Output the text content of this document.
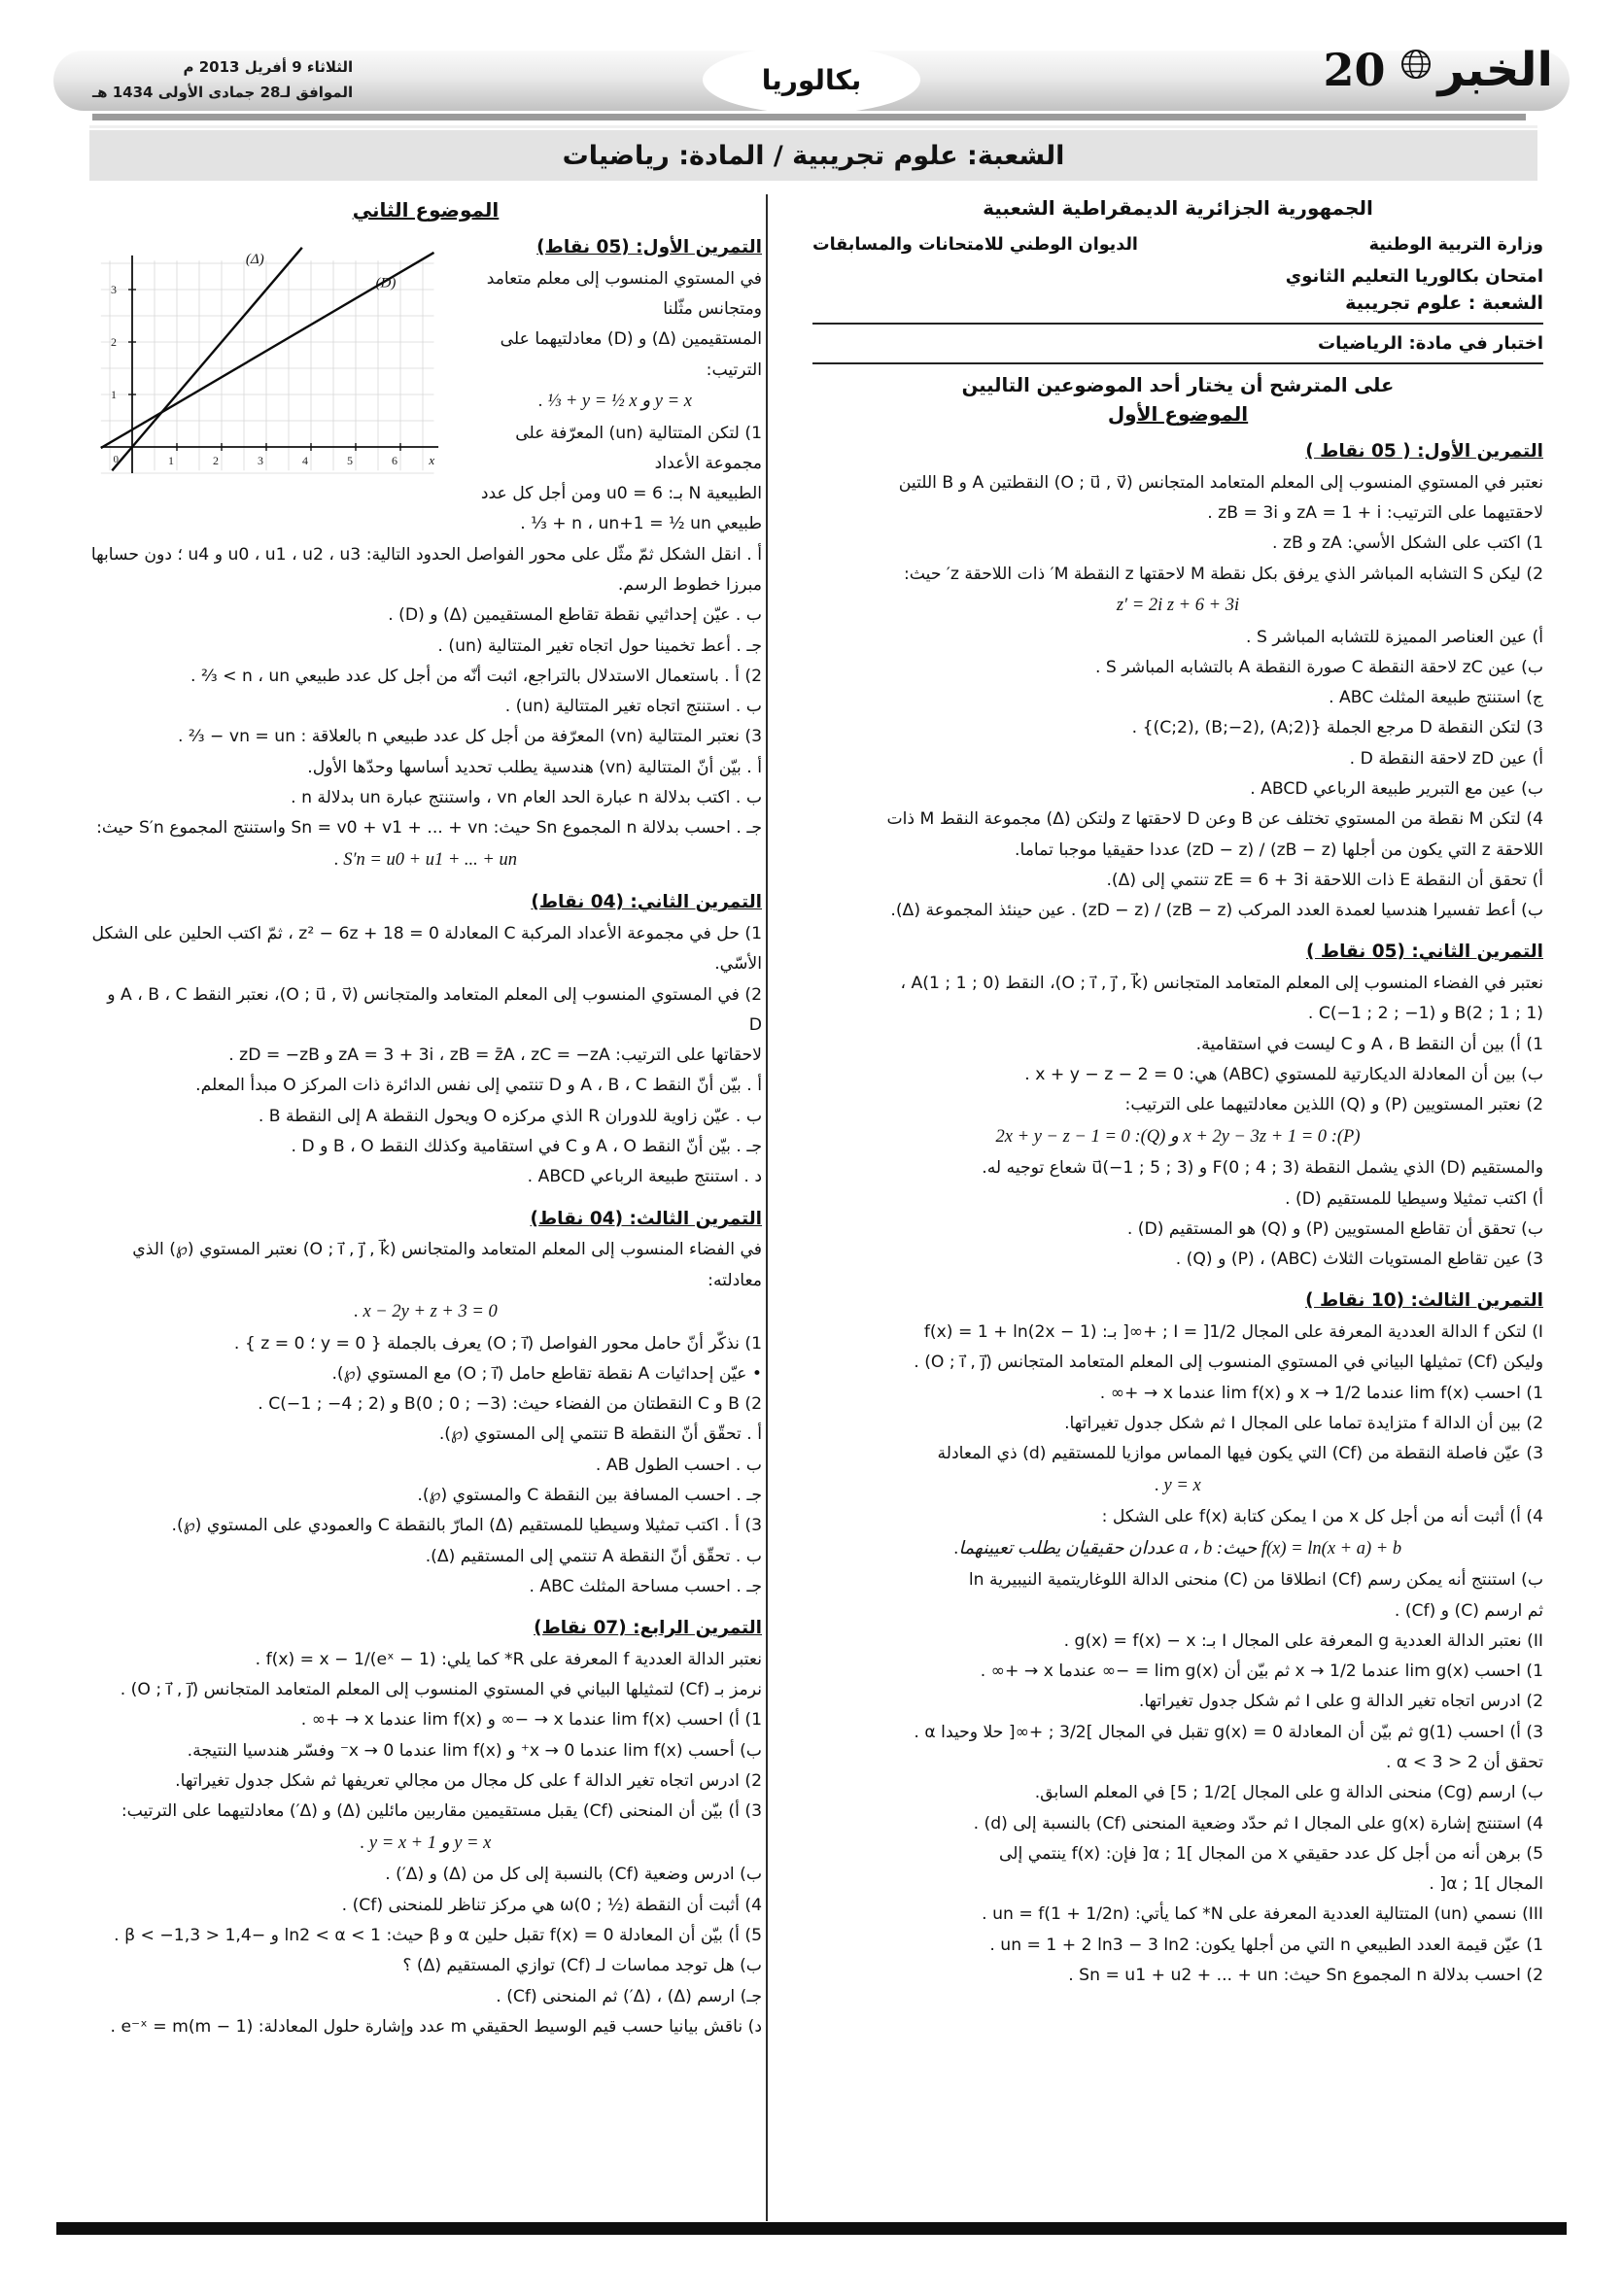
الثلاثاء 9 أفريل 2013 م
الموافق لـ28 جمادى الأولى 1434 هـ	بكالوريا	20 الخبر
الشعبة: علوم تجريبية / المادة: رياضيات
الجمهورية الجزائرية الديمقراطية الشعبية
وزارة التربية الوطنية
الديوان الوطني للامتحانات والمسابقات
امتحان بكالوريا التعليم الثانوي
الشعبة : علوم تجريبية
اختبار في مادة: الرياضيات
على المترشح أن يختار أحد الموضوعين التاليين
الموضوع الأول
التمرين الأول: ( 05 نقاط )
نعتبر في المستوي المنسوب إلى المعلم المتعامد المتجانس (O ; u⃗ , v⃗) النقطتين A و B اللتين
لاحقتيهما على الترتيب: zA = 1 + i و zB = 3i .
1) اكتب على الشكل الأسي: zA و zB .
2) ليكن S التشابه المباشر الذي يرفق بكل نقطة M لاحقتها z النقطة M′ ذات اللاحقة z′ حيث:
z′ = 2i z + 6 + 3i
أ) عين العناصر المميزة للتشابه المباشر S .
ب) عين zC لاحقة النقطة C صورة النقطة A بالتشابه المباشر S .
ج) استنتج طبيعة المثلث ABC .
3) لتكن النقطة D مرجع الجملة {(A;2) ,(B;−2) ,(C;2)} .
أ) عين zD لاحقة النقطة D .
ب) عين مع التبرير طبيعة الرباعي ABCD .
4) لتكن M نقطة من المستوي تختلف عن B وعن D لاحقتها z ولتكن (Δ) مجموعة النقط M ذات
اللاحقة z التي يكون من أجلها (zB − z) / (zD − z) عددا حقيقيا موجبا تماما.
أ) تحقق أن النقطة E ذات اللاحقة zE = 6 + 3i تنتمي إلى (Δ).
ب) أعط تفسيرا هندسيا لعمدة العدد المركب (zB − z) / (zD − z) . عين حينئذ المجموعة (Δ).
التمرين الثاني: (05 نقاط )
نعتبر في الفضاء المنسوب إلى المعلم المتعامد المتجانس (O ; i⃗ , j⃗ , k⃗)، النقط A(1 ; 1 ; 0) ،
B(2 ; 1 ; 1) و C(−1 ; 2 ; −1) .
1) أ) بين أن النقط A ، B و C ليست في استقامية.
ب) بين أن المعادلة الديكارتية للمستوي (ABC) هي: x + y − z − 2 = 0 .
2) نعتبر المستويين (P) و (Q) اللذين معادلتيهما على الترتيب:
(P): x + 2y − 3z + 1 = 0 و (Q): 2x + y − z − 1 = 0
والمستقيم (D) الذي يشمل النقطة F(0 ; 4 ; 3) و u⃗(−1 ; 5 ; 3) شعاع توجيه له.
أ) اكتب تمثيلا وسيطيا للمستقيم (D) .
ب) تحقق أن تقاطع المستويين (P) و (Q) هو المستقيم (D) .
3) عين تقاطع المستويات الثلاث (ABC) ، (P) و (Q) .
التمرين الثالث: (10 نقاط )
I) لتكن f الدالة العددية المعرفة على المجال I = ]1/2 ; +∞[ بـ: f(x) = 1 + ln(2x − 1)
وليكن (Cf) تمثيلها البياني في المستوي المنسوب إلى المعلم المتعامد المتجانس (O ; i⃗ , j⃗) .
1) احسب lim f(x) عندما x → 1/2 و lim f(x) عندما x → +∞ .
2) بين أن الدالة f متزايدة تماما على المجال I ثم شكل جدول تغيراتها.
3) عيّن فاصلة النقطة من (Cf) التي يكون فيها المماس موازيا للمستقيم (d) ذي المعادلة
y = x .
4) أ) أثبت أنه من أجل كل x من I يمكن كتابة f(x) على الشكل :
f(x) = ln(x + a) + b حيث: a ، b عددان حقيقيان يطلب تعيينهما.
ب) استنتج أنه يمكن رسم (Cf) انطلاقا من (C) منحنى الدالة اللوغاريتمية النيبيرية ln
ثم ارسم (C) و (Cf) .
II) نعتبر الدالة العددية g المعرفة على المجال I بـ: g(x) = f(x) − x .
1) احسب lim g(x) عندما x → 1/2 ثم بيّن أن lim g(x) = −∞ عندما x → +∞ .
2) ادرس اتجاه تغير الدالة g على I ثم شكل جدول تغيراتها.
3) أ) احسب g(1) ثم بيّن أن المعادلة g(x) = 0 تقبل في المجال ]3/2 ; +∞[ حلا وحيدا α .
تحقق أن 2 < α < 3 .
ب) ارسم (Cg) منحنى الدالة g على المجال ]1/2 ; 5] في المعلم السابق.
4) استنتج إشارة g(x) على المجال I ثم حدّد وضعية المنحنى (Cf) بالنسبة إلى (d) .
5) برهن أنه من أجل كل عدد حقيقي x من المجال ]1 ; α[ فإن: f(x) ينتمي إلى
المجال ]1 ; α[ .
III) نسمي (un) المتتالية العددية المعرفة على N* كما يأتي: un = f(1 + 1/2n) .
1) عيّن قيمة العدد الطبيعي n التي من أجلها يكون: un = 1 + 2 ln3 − 3 ln2 .
2) احسب بدلالة n المجموع Sn حيث: Sn = u1 + u2 + ... + un .
الموضوع الثاني
1	2	3	4	5	6
1
2
3
0	x
(Δ)
(D)
التمرين الأول: (05 نقاط)
في المستوي المنسوب إلى معلم متعامد ومتجانس مثّلنا
المستقيمين (Δ) و (D) معادلتيهما على الترتيب:
y = x و y = ½ x + ⅓ .
1) لتكن المتتالية (un) المعرّفة على مجموعة الأعداد
الطبيعية N بـ: u0 = 6 ومن أجل كل عدد طبيعي n ، un+1 = ½ un + ⅓ .
أ . انقل الشكل ثمّ مثّل على محور الفواصل الحدود التالية: u0 ، u1 ، u2 ، u3 و u4 ؛ دون حسابها
مبرزا خطوط الرسم.
ب . عيّن إحداثيي نقطة تقاطع المستقيمين (Δ) و (D) .
جـ . أعط تخمينا حول اتجاه تغير المتتالية (un) .
2) أ . باستعمال الاستدلال بالتراجع، اثبت أنّه من أجل كل عدد طبيعي n ، un > ⅔ .
ب . استنتج اتجاه تغير المتتالية (un) .
3) نعتبر المتتالية (vn) المعرّفة من أجل كل عدد طبيعي n بالعلاقة : vn = un − ⅔ .
أ . بيّن أنّ المتتالية (vn) هندسية يطلب تحديد أساسها وحدّها الأول.
ب . اكتب بدلالة n عبارة الحد العام vn ، واستنتج عبارة un بدلالة n .
جـ . احسب بدلالة n المجموع Sn حيث: Sn = v0 + v1 + ... + vn واستنتج المجموع S′n حيث:
S′n = u0 + u1 + ... + un .
التمرين الثاني: (04 نقاط)
1) حل في مجموعة الأعداد المركبة C المعادلة z² − 6z + 18 = 0 ، ثمّ اكتب الحلين على الشكل الأسّي.
2) في المستوي المنسوب إلى المعلم المتعامد والمتجانس (O ; u⃗ , v⃗)، نعتبر النقط A ، B ، C و D
لاحقاتها على الترتيب: zA = 3 + 3i ، zB = z̄A ، zC = −zA و zD = −zB .
أ . بيّن أنّ النقط A ، B ، C و D تنتمي إلى نفس الدائرة ذات المركز O مبدأ المعلم.
ب . عيّن زاوية للدوران R الذي مركزه O ويحول النقطة A إلى النقطة B .
جـ . بيّن أنّ النقط A ، O و C في استقامية وكذلك النقط B ، O و D .
د . استنتج طبيعة الرباعي ABCD .
التمرين الثالث: (04 نقاط)
في الفضاء المنسوب إلى المعلم المتعامد والمتجانس (O ; i⃗ , j⃗ , k⃗) نعتبر المستوي (℘) الذي معادلته:
x − 2y + z + 3 = 0 .
1) نذكّر أنّ حامل محور الفواصل (O ; i⃗) يعرف بالجملة { y = 0 ؛ z = 0 } .
• عيّن إحداثيات A نقطة تقاطع حامل (O ; i⃗) مع المستوي (℘).
2) B و C النقطتان من الفضاء حيث: B(0 ; 0 ; −3) و C(−1 ; −4 ; 2) .
أ . تحقّق أنّ النقطة B تنتمي إلى المستوي (℘).
ب . احسب الطول AB .
جـ . احسب المسافة بين النقطة C والمستوي (℘).
3) أ . اكتب تمثيلا وسيطيا للمستقيم (Δ) المارّ بالنقطة C والعمودي على المستوي (℘).
ب . تحقّق أنّ النقطة A تنتمي إلى المستقيم (Δ).
جـ . احسب مساحة المثلث ABC .
التمرين الرابع: (07 نقاط)
نعتبر الدالة العددية f المعرفة على R* كما يلي: f(x) = x − 1/(eˣ − 1) .
نرمز بـ (Cf) لتمثيلها البياني في المستوي المنسوب إلى المعلم المتعامد المتجانس (O ; i⃗ , j⃗) .
1) أ) احسب lim f(x) عندما x → −∞ و lim f(x) عندما x → +∞ .
ب) أحسب lim f(x) عندما x → 0⁺ و lim f(x) عندما x → 0⁻ وفسّر هندسيا النتيجة.
2) ادرس اتجاه تغير الدالة f على كل مجال من مجالي تعريفها ثم شكل جدول تغيراتها.
3) أ) بيّن أن المنحنى (Cf) يقبل مستقيمين مقاربين مائلين (Δ) و (Δ′) معادلتيهما على الترتيب:
y = x و y = x + 1 .
ب) ادرس وضعية (Cf) بالنسبة إلى كل من (Δ) و (Δ′) .
4) أثبت أن النقطة ω(0 ; ½) هي مركز تناظر للمنحنى (Cf) .
5) أ) بيّن أن المعادلة f(x) = 0 تقبل حلين α و β حيث: ln2 < α < 1 و −1,4 < β < −1,3 .
ب) هل توجد مماسات لـ (Cf) توازي المستقيم (Δ) ؟
جـ) ارسم (Δ) ، (Δ′) ثم المنحنى (Cf) .
د) ناقش بيانيا حسب قيم الوسيط الحقيقي m عدد وإشارة حلول المعادلة: (m − 1)e⁻ˣ = m .
